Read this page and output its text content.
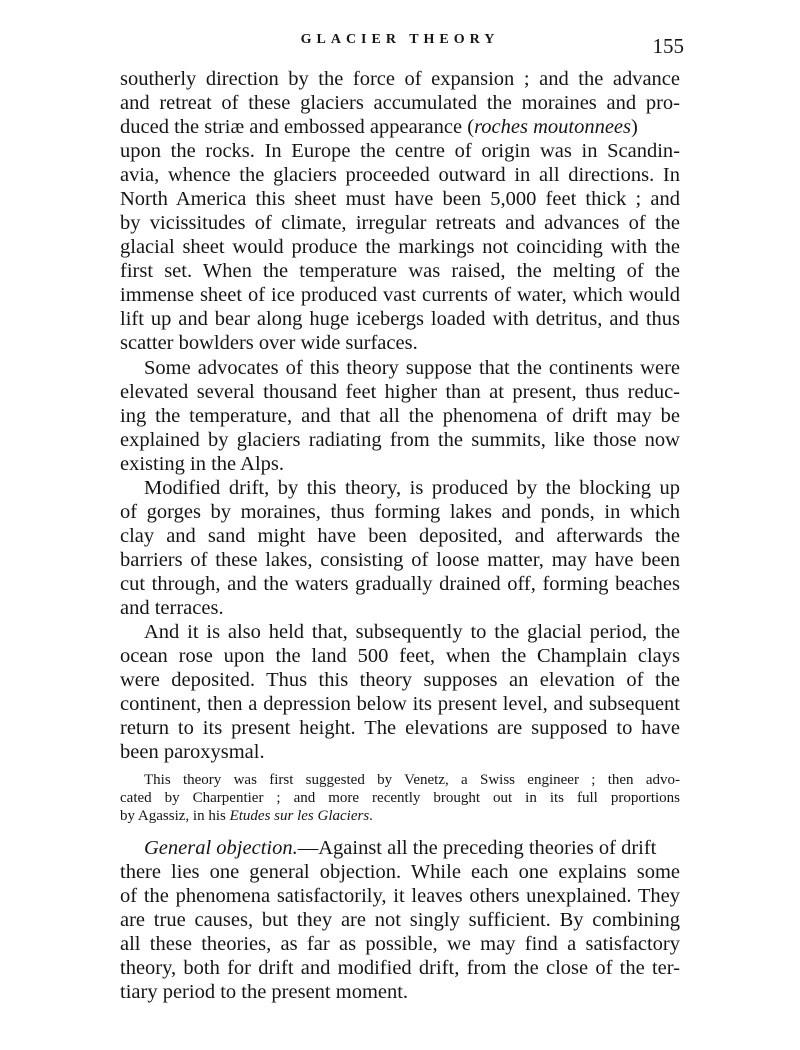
GLACIER THEORY	155
southerly direction by the force of expansion ; and the advance
and retreat of these glaciers accumulated the moraines and pro-
duced the striæ and embossed appearance (roches moutonnees)
upon the rocks. In Europe the centre of origin was in Scandin-
avia, whence the glaciers proceeded outward in all directions. In
North America this sheet must have been 5,000 feet thick ; and
by vicissitudes of climate, irregular retreats and advances of the
glacial sheet would produce the markings not coinciding with the
first set. When the temperature was raised, the melting of the
immense sheet of ice produced vast currents of water, which would
lift up and bear along huge icebergs loaded with detritus, and thus
scatter bowlders over wide surfaces.
Some advocates of this theory suppose that the continents were
elevated several thousand feet higher than at present, thus reduc-
ing the temperature, and that all the phenomena of drift may be
explained by glaciers radiating from the summits, like those now
existing in the Alps.
Modified drift, by this theory, is produced by the blocking up
of gorges by moraines, thus forming lakes and ponds, in which
clay and sand might have been deposited, and afterwards the
barriers of these lakes, consisting of loose matter, may have been
cut through, and the waters gradually drained off, forming beaches
and terraces.
And it is also held that, subsequently to the glacial period, the
ocean rose upon the land 500 feet, when the Champlain clays
were deposited. Thus this theory supposes an elevation of the
continent, then a depression below its present level, and subsequent
return to its present height. The elevations are supposed to have
been paroxysmal.
This theory was first suggested by Venetz, a Swiss engineer ; then advo-
cated by Charpentier ; and more recently brought out in its full proportions
by Agassiz, in his Etudes sur les Glaciers.
General objection.—Against all the preceding theories of drift
there lies one general objection. While each one explains some
of the phenomena satisfactorily, it leaves others unexplained. They
are true causes, but they are not singly sufficient. By combining
all these theories, as far as possible, we may find a satisfactory
theory, both for drift and modified drift, from the close of the ter-
tiary period to the present moment.
